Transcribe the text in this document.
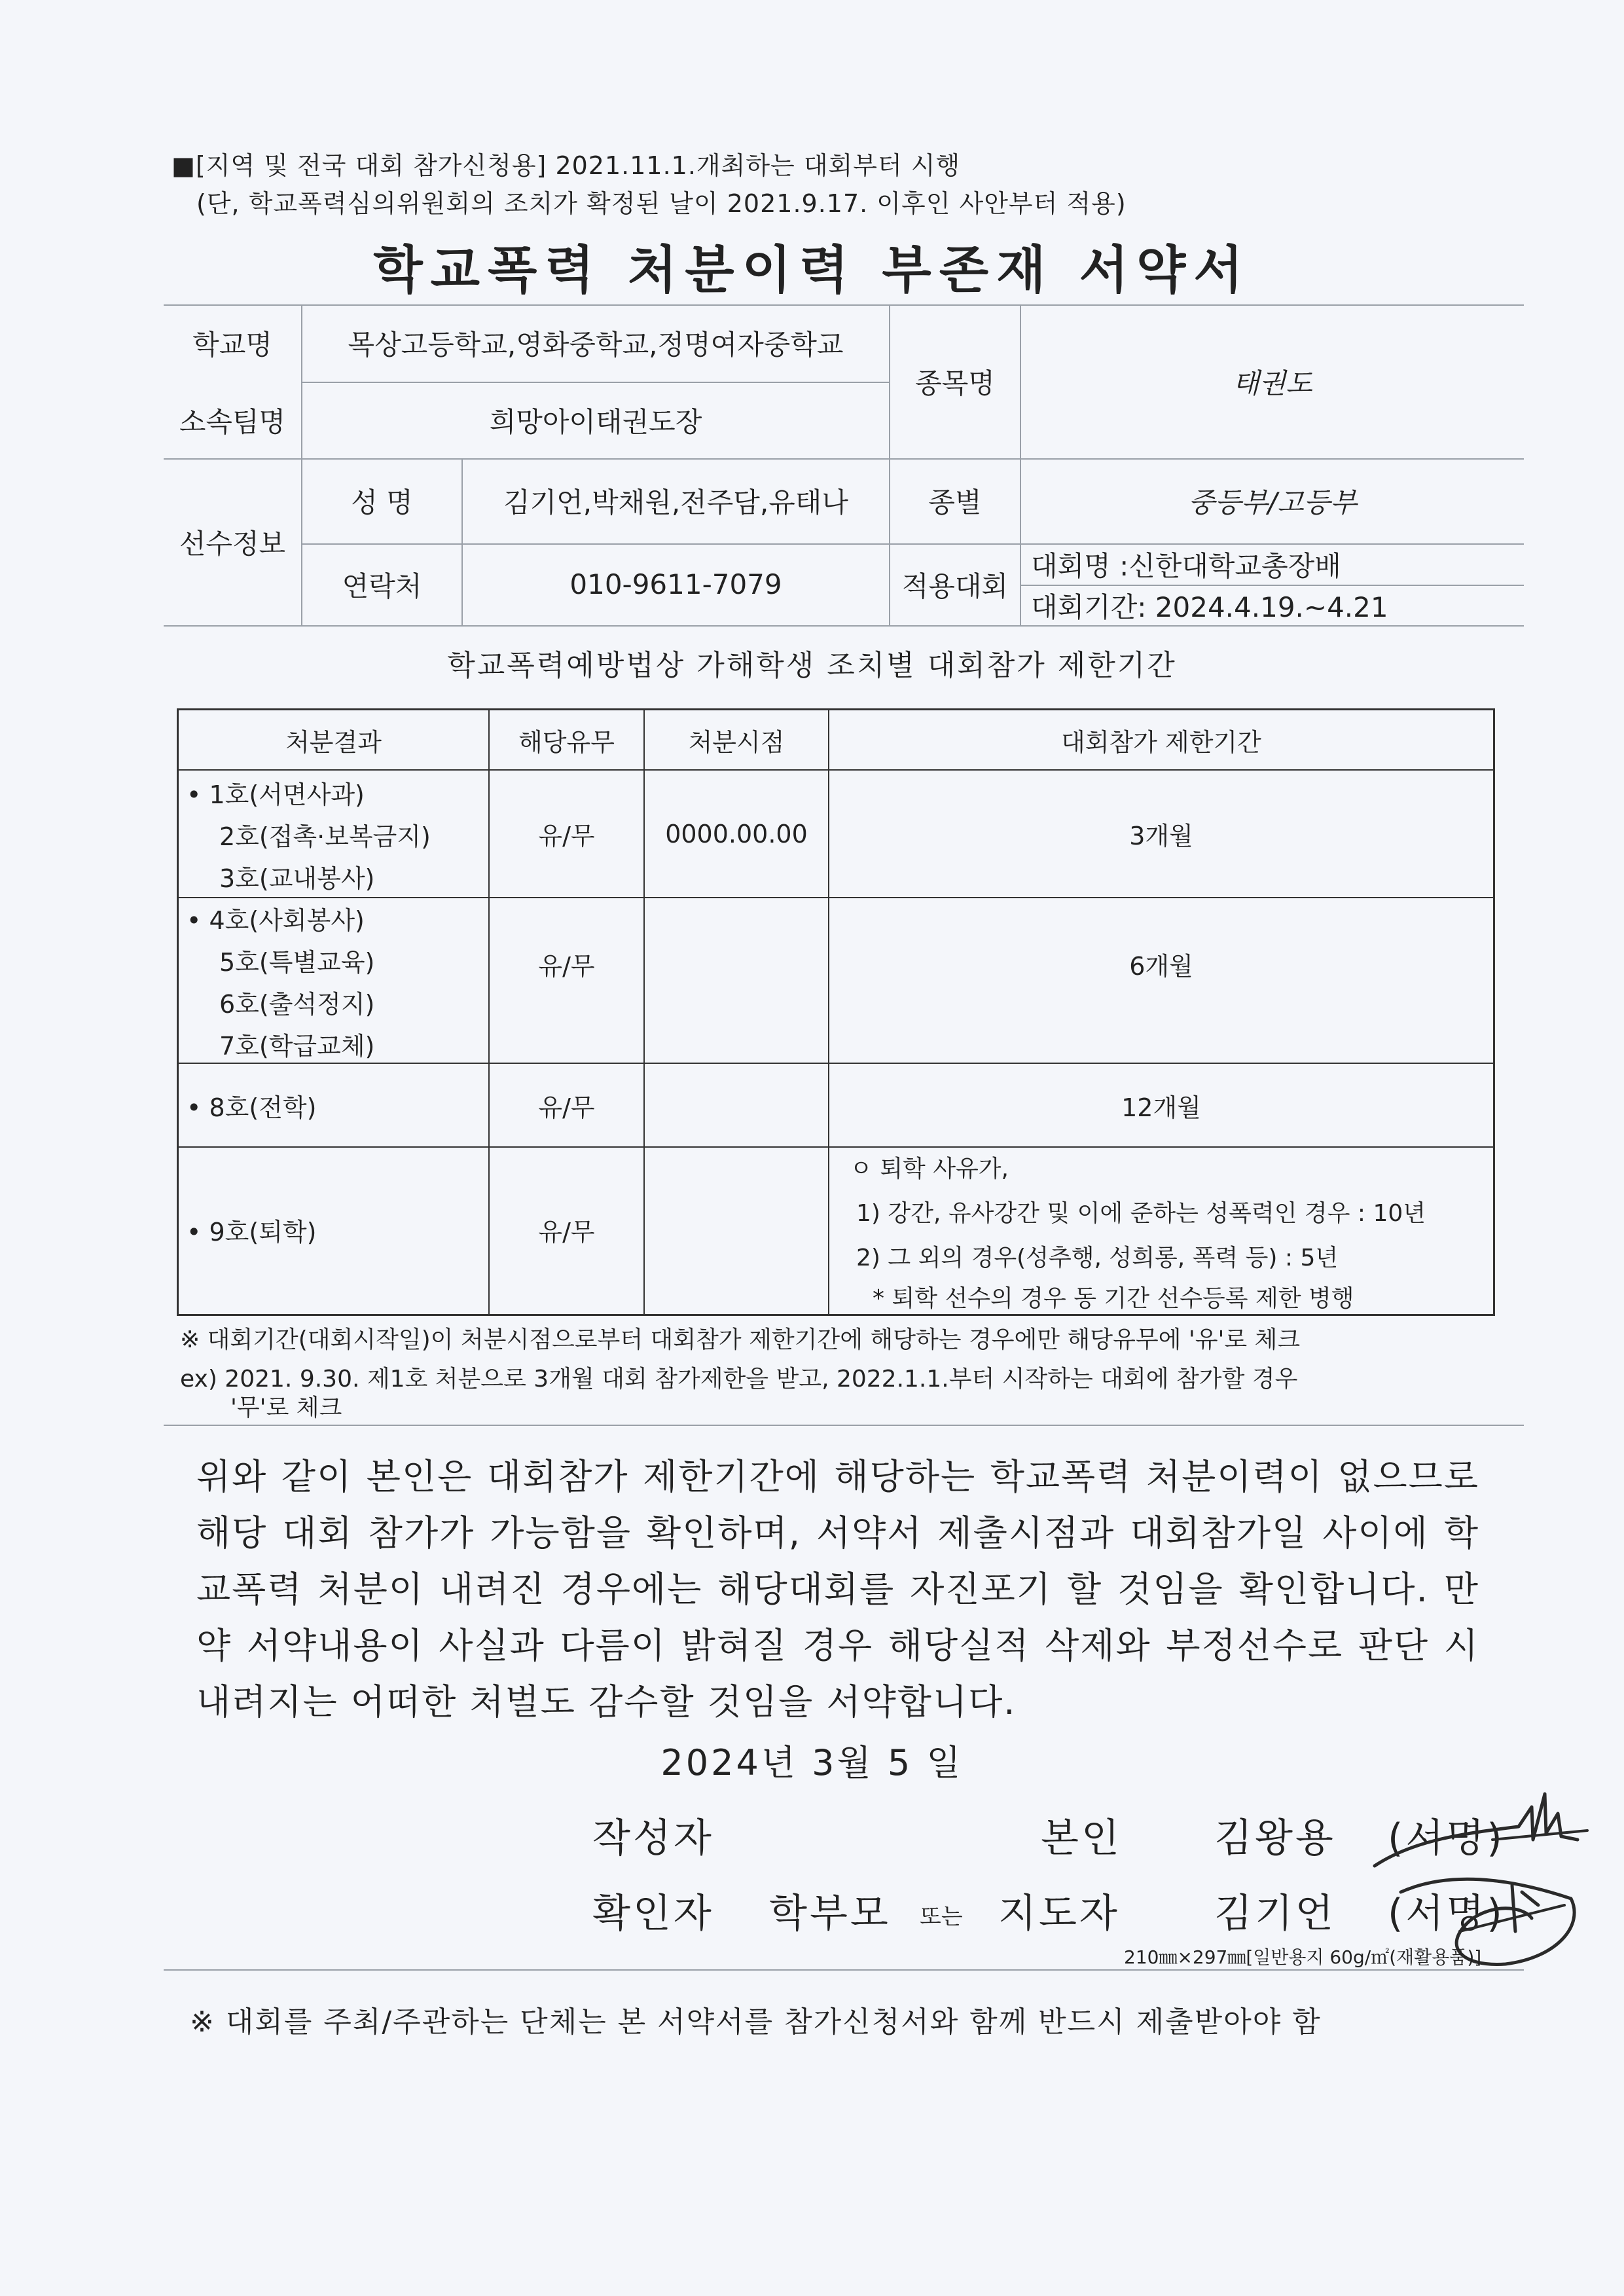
■[지역 및 전국 대회 참가신청용] 2021.11.1.개최하는 대회부터 시행
(단, 학교폭력심의위원회의 조치가 확정된 날이 2021.9.17. 이후인 사안부터 적용)
학교폭력 처분이력 부존재 서약서
학교명	목상고등학교,영화중학교,정명여자중학교
소속팀명	희망아이태권도장
종목명	태권도
선수정보
성 명	김기언,박채원,전주담,유태나	종별	중등부/고등부
연락처	010-9611-7079	적용대회
대회명 :신한대학교총장배
대회기간: 2024.4.19.~4.21
학교폭력예방법상 가해학생 조치별 대회참가 제한기간
처분결과	해당유무	처분시점	대회참가 제한기간
• 1호(서면사과)
2호(접촉·보복금지)
3호(교내봉사)
유/무	0000.00.00	3개월
• 4호(사회봉사)
5호(특별교육)
6호(출석정지)
7호(학급교체)
유/무	6개월
• 8호(전학)	유/무	12개월
• 9호(퇴학)	유/무
ㅇ 퇴학 사유가,
1) 강간, 유사강간 및 이에 준하는 성폭력인 경우 : 10년
2) 그 외의 경우(성추행, 성희롱, 폭력 등) : 5년
* 퇴학 선수의 경우 동 기간 선수등록 제한 병행
※ 대회기간(대회시작일)이 처분시점으로부터 대회참가 제한기간에 해당하는 경우에만 해당유무에 '유'로 체크
ex) 2021. 9.30. 제1호 처분으로 3개월 대회 참가제한을 받고, 2022.1.1.부터 시작하는 대회에 참가할 경우
'무'로 체크
위와 같이 본인은 대회참가 제한기간에 해당하는 학교폭력 처분이력이 없으므로 해당 대회 참가가 가능함을 확인하며, 서약서 제출시점과 대회참가일 사이에 학교폭력 처분이 내려진 경우에는 해당대회를 자진포기 할 것임을 확인합니다. 만약 서약내용이 사실과 다름이 밝혀질 경우 해당실적 삭제와 부정선수로 판단 시 내려지는 어떠한 처벌도 감수할 것임을 서약합니다.
2024년 3월 5 일
작성자	본인 김왕용 (서명)
확인자 학부모 또는 지도자 김기언 (서명)
210㎜×297㎜[일반용지 60g/㎡(재활용품)]
※ 대회를 주최/주관하는 단체는 본 서약서를 참가신청서와 함께 반드시 제출받아야 함
